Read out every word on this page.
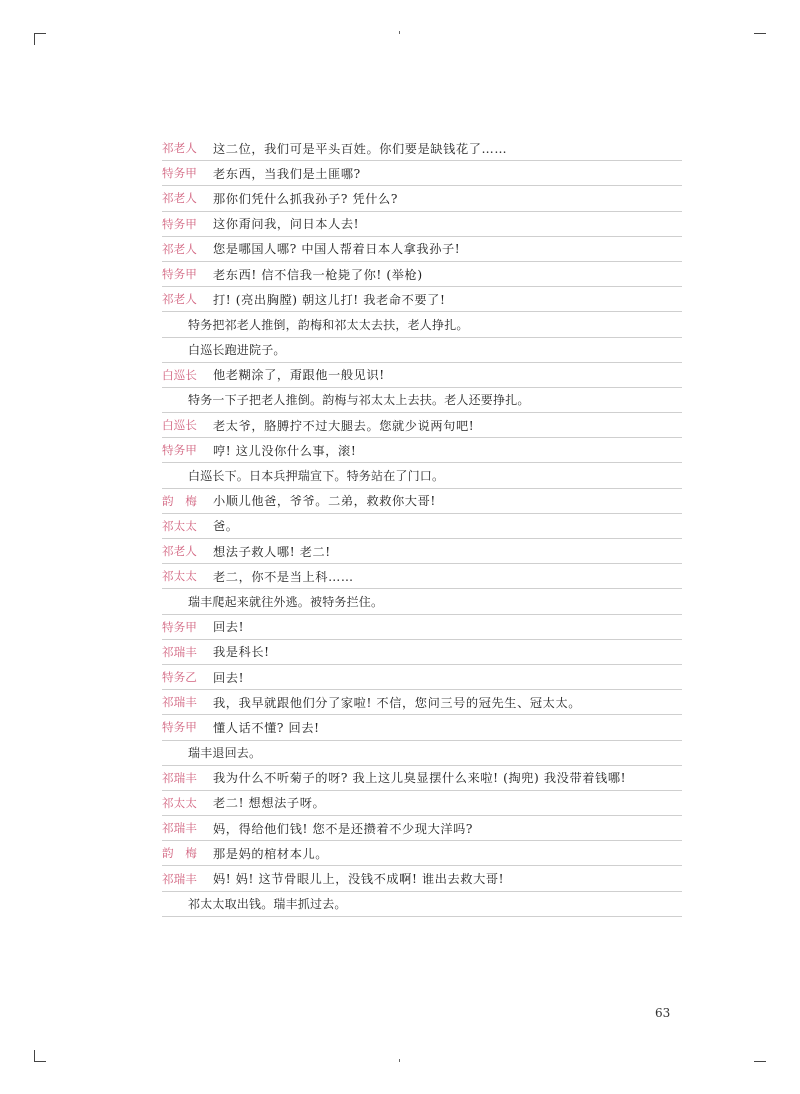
祁老人	这二位，我们可是平头百姓。你们要是缺钱花了……
特务甲	老东西，当我们是土匪哪?
祁老人	那你们凭什么抓我孙子? 凭什么?
特务甲	这你甭问我，问日本人去!
祁老人	您是哪国人哪? 中国人帮着日本人拿我孙子!
特务甲	老东西! 信不信我一枪毙了你! (举枪)
祁老人	打! (亮出胸膛) 朝这儿打! 我老命不要了!
特务把祁老人推倒，韵梅和祁太太去扶，老人挣扎。
白巡长跑进院子。
白巡长	他老糊涂了，甭跟他一般见识!
特务一下子把老人推倒。韵梅与祁太太上去扶。老人还要挣扎。
白巡长	老太爷，胳膊拧不过大腿去。您就少说两句吧!
特务甲	哼! 这儿没你什么事，滚!
白巡长下。日本兵押瑞宣下。特务站在了门口。
韵　梅	小顺儿他爸，爷爷。二弟，救救你大哥!
祁太太	爸。
祁老人	想法子救人哪! 老二!
祁太太	老二，你不是当上科……
瑞丰爬起来就往外逃。被特务拦住。
特务甲	回去!
祁瑞丰	我是科长!
特务乙	回去!
祁瑞丰	我，我早就跟他们分了家啦! 不信，您问三号的冠先生、冠太太。
特务甲	懂人话不懂? 回去!
瑞丰退回去。
祁瑞丰	我为什么不听菊子的呀? 我上这儿臭显摆什么来啦! (掏兜) 我没带着钱哪!
祁太太	老二! 想想法子呀。
祁瑞丰	妈，得给他们钱! 您不是还攒着不少现大洋吗?
韵　梅	那是妈的棺材本儿。
祁瑞丰	妈! 妈! 这节骨眼儿上，没钱不成啊! 谁出去救大哥!
祁太太取出钱。瑞丰抓过去。
63
